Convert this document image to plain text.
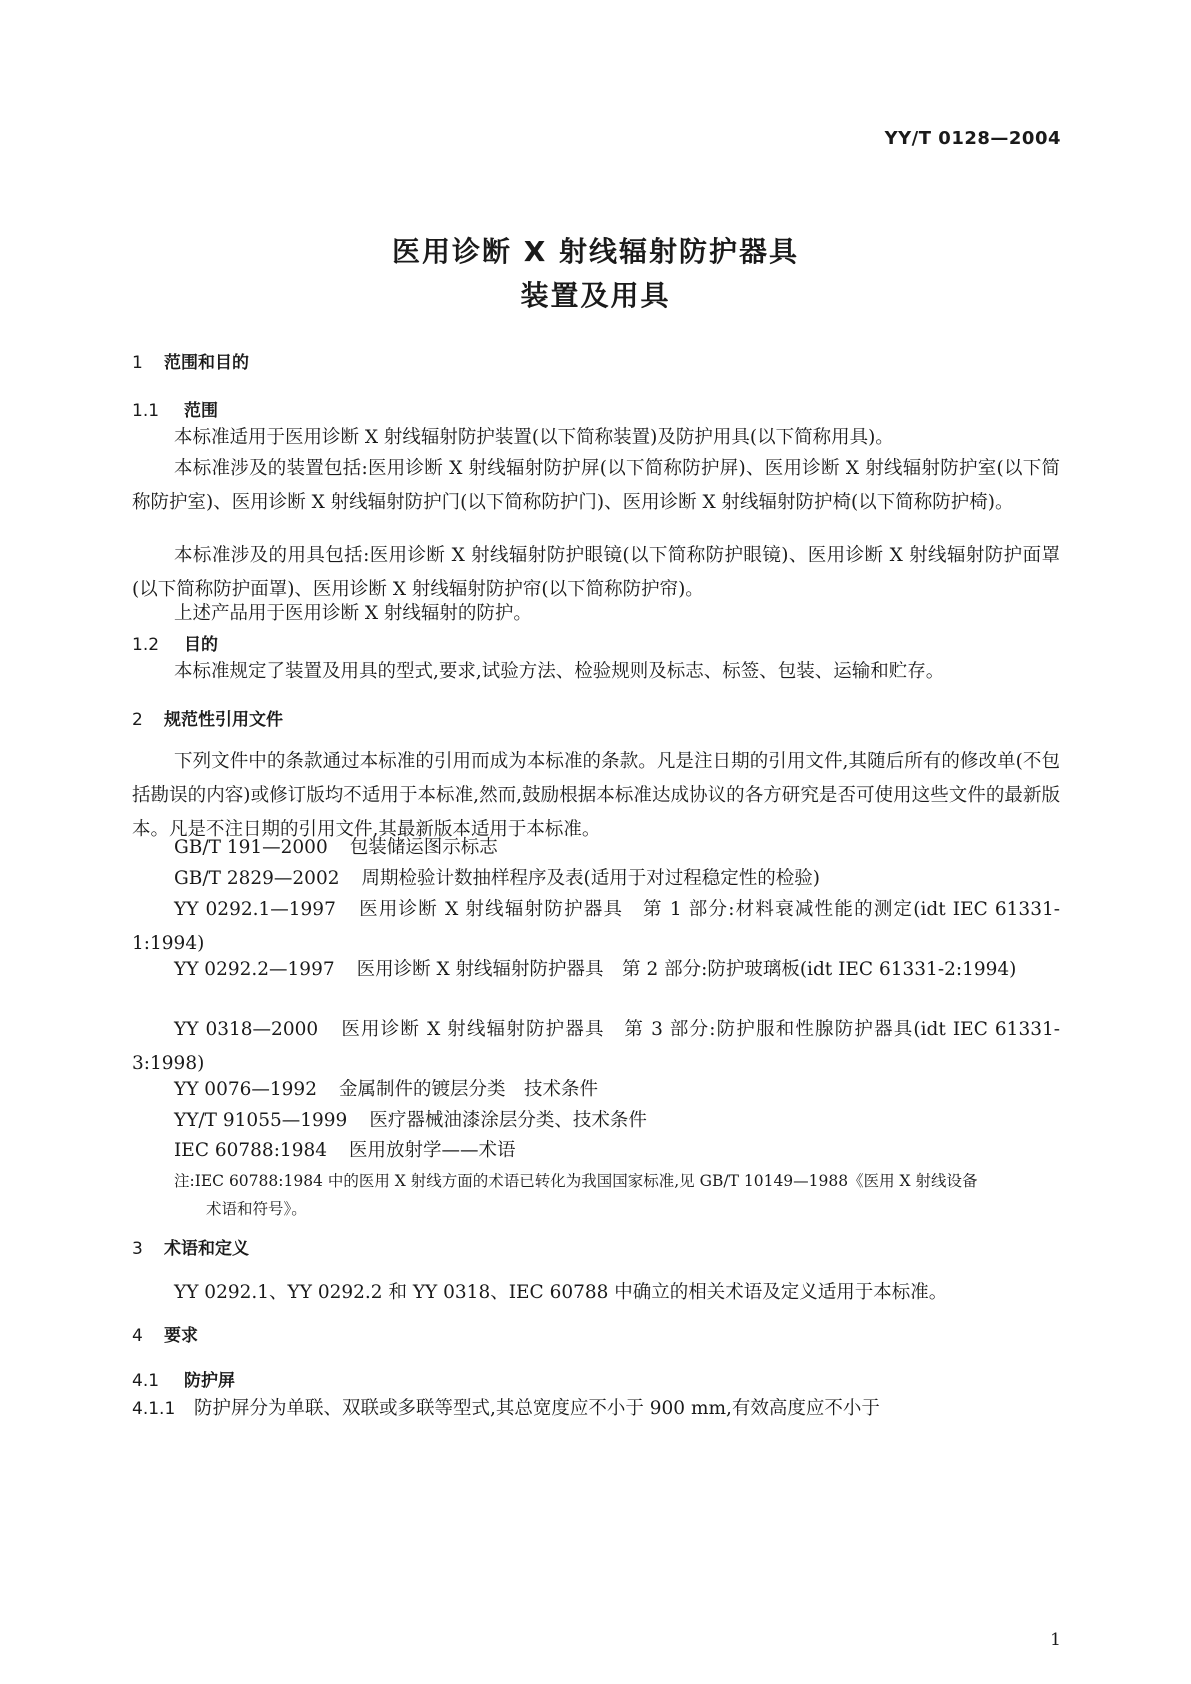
YY/T 0128—2004
医用诊断 X 射线辐射防护器具
装置及用具
1 范围和目的
1.1 范围
本标准适用于医用诊断 X 射线辐射防护装置(以下简称装置)及防护用具(以下简称用具)。
本标准涉及的装置包括:医用诊断 X 射线辐射防护屏(以下简称防护屏)、医用诊断 X 射线辐射防护室(以下简称防护室)、医用诊断 X 射线辐射防护门(以下简称防护门)、医用诊断 X 射线辐射防护椅(以下简称防护椅)。
本标准涉及的用具包括:医用诊断 X 射线辐射防护眼镜(以下简称防护眼镜)、医用诊断 X 射线辐射防护面罩(以下简称防护面罩)、医用诊断 X 射线辐射防护帘(以下简称防护帘)。
上述产品用于医用诊断 X 射线辐射的防护。
1.2 目的
本标准规定了装置及用具的型式,要求,试验方法、检验规则及标志、标签、包装、运输和贮存。
2 规范性引用文件
下列文件中的条款通过本标准的引用而成为本标准的条款。凡是注日期的引用文件,其随后所有的修改单(不包括勘误的内容)或修订版均不适用于本标准,然而,鼓励根据本标准达成协议的各方研究是否可使用这些文件的最新版本。凡是不注日期的引用文件,其最新版本适用于本标准。
GB/T 191—2000 包装储运图示标志
GB/T 2829—2002 周期检验计数抽样程序及表(适用于对过程稳定性的检验)
YY 0292.1—1997 医用诊断 X 射线辐射防护器具　第 1 部分:材料衰减性能的测定(idt IEC 61331-1:1994)
YY 0292.2—1997 医用诊断 X 射线辐射防护器具　第 2 部分:防护玻璃板(idt IEC 61331-2:1994)
YY 0318—2000 医用诊断 X 射线辐射防护器具　第 3 部分:防护服和性腺防护器具(idt IEC 61331-3:1998)
YY 0076—1992 金属制件的镀层分类　技术条件
YY/T 91055—1999 医疗器械油漆涂层分类、技术条件
IEC 60788:1984 医用放射学——术语
注:IEC 60788:1984 中的医用 X 射线方面的术语已转化为我国国家标准,见 GB/T 10149—1988《医用 X 射线设备
术语和符号》。
3 术语和定义
YY 0292.1、YY 0292.2 和 YY 0318、IEC 60788 中确立的相关术语及定义适用于本标准。
4 要求
4.1 防护屏
4.1.1 防护屏分为单联、双联或多联等型式,其总宽度应不小于 900 mm,有效高度应不小于
1
